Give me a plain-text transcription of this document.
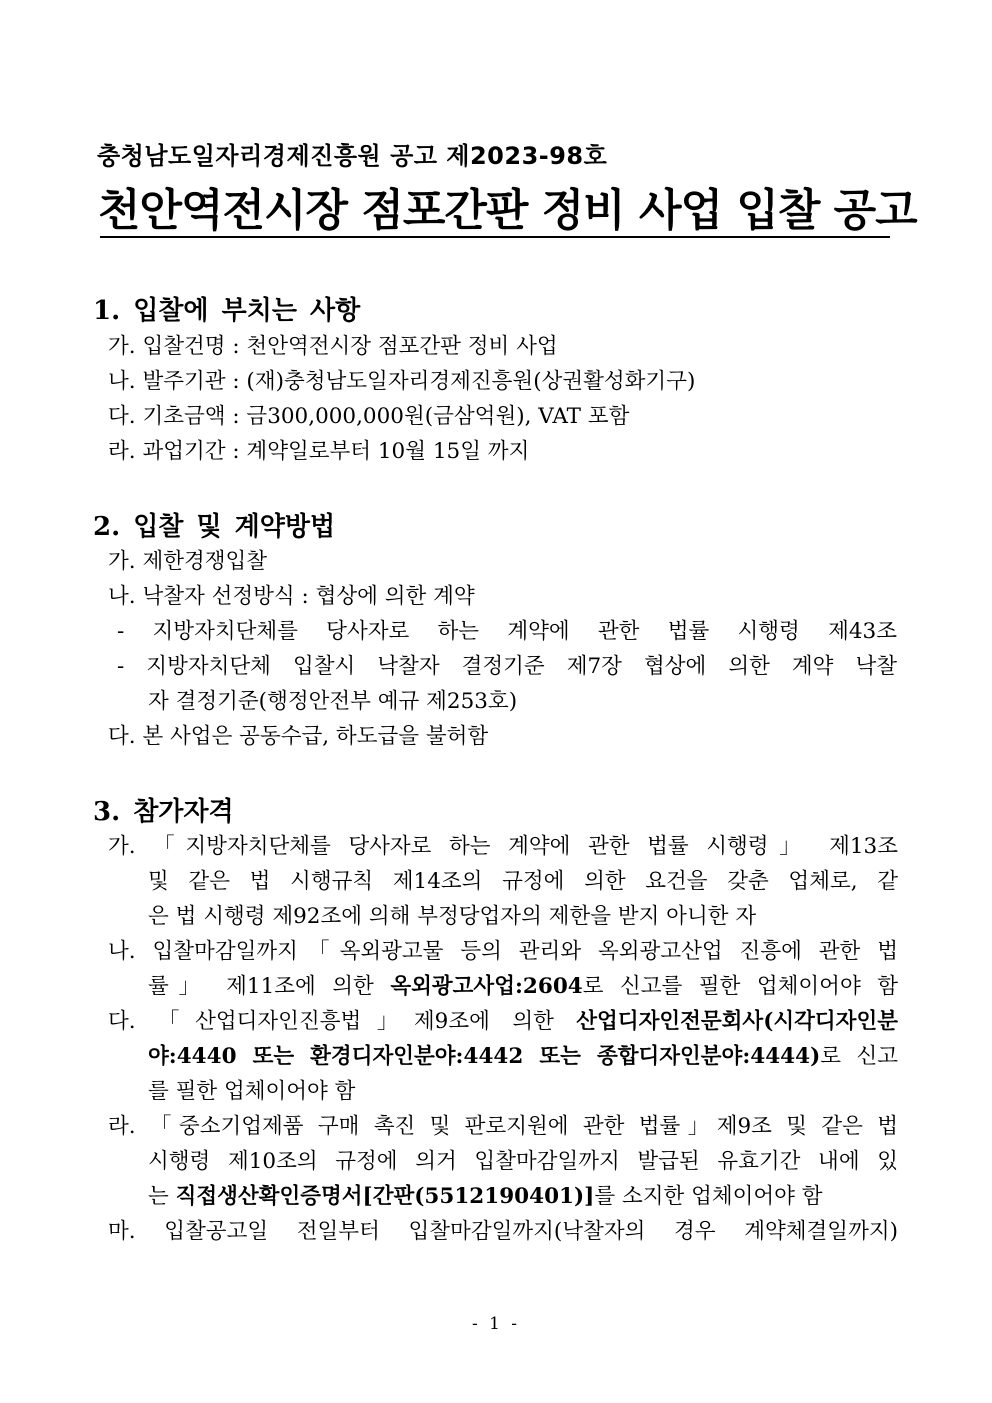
충청남도일자리경제진흥원 공고 제2023-98호
천안역전시장 점포간판 정비 사업 입찰 공고
1. 입찰에 부치는 사항
가. 입찰건명 : 천안역전시장 점포간판 정비 사업
나. 발주기관 : (재)충청남도일자리경제진흥원(상권활성화기구)
다. 기초금액 : 금300,000,000원(금삼억원), VAT 포함
라. 과업기간 : 계약일로부터 10월 15일 까지
2. 입찰 및 계약방법
가. 제한경쟁입찰
나. 낙찰자 선정방식 : 협상에 의한 계약
- 지방자치단체를 당사자로 하는 계약에 관한 법률 시행령 제43조
- 지방자치단체 입찰시 낙찰자 결정기준 제7장 협상에 의한 계약 낙찰
자 결정기준(행정안전부 예규 제253호)
다. 본 사업은 공동수급, 하도급을 불허함
3. 참가자격
가. 「지방자치단체를 당사자로 하는 계약에 관한 법률 시행령」 제13조
및 같은 법 시행규칙 제14조의 규정에 의한 요건을 갖춘 업체로, 같
은 법 시행령 제92조에 의해 부정당업자의 제한을 받지 아니한 자
나. 입찰마감일까지「옥외광고물 등의 관리와 옥외광고산업 진흥에 관한 법
률」 제11조에 의한 옥외광고사업:2604로 신고를 필한 업체이어야 함
다. 「산업디자인진흥법」제9조에 의한 산업디자인전문회사(시각디자인분
야:4440 또는 환경디자인분야:4442 또는 종합디자인분야:4444)로 신고
를 필한 업체이어야 함
라. 「중소기업제품 구매 촉진 및 판로지원에 관한 법률」제9조 및 같은 법
시행령 제10조의 규정에 의거 입찰마감일까지 발급된 유효기간 내에 있
는 직접생산확인증명서[간판(5512190401)]를 소지한 업체이어야 함
마. 입찰공고일 전일부터 입찰마감일까지(낙찰자의 경우 계약체결일까지)
- 1 -
